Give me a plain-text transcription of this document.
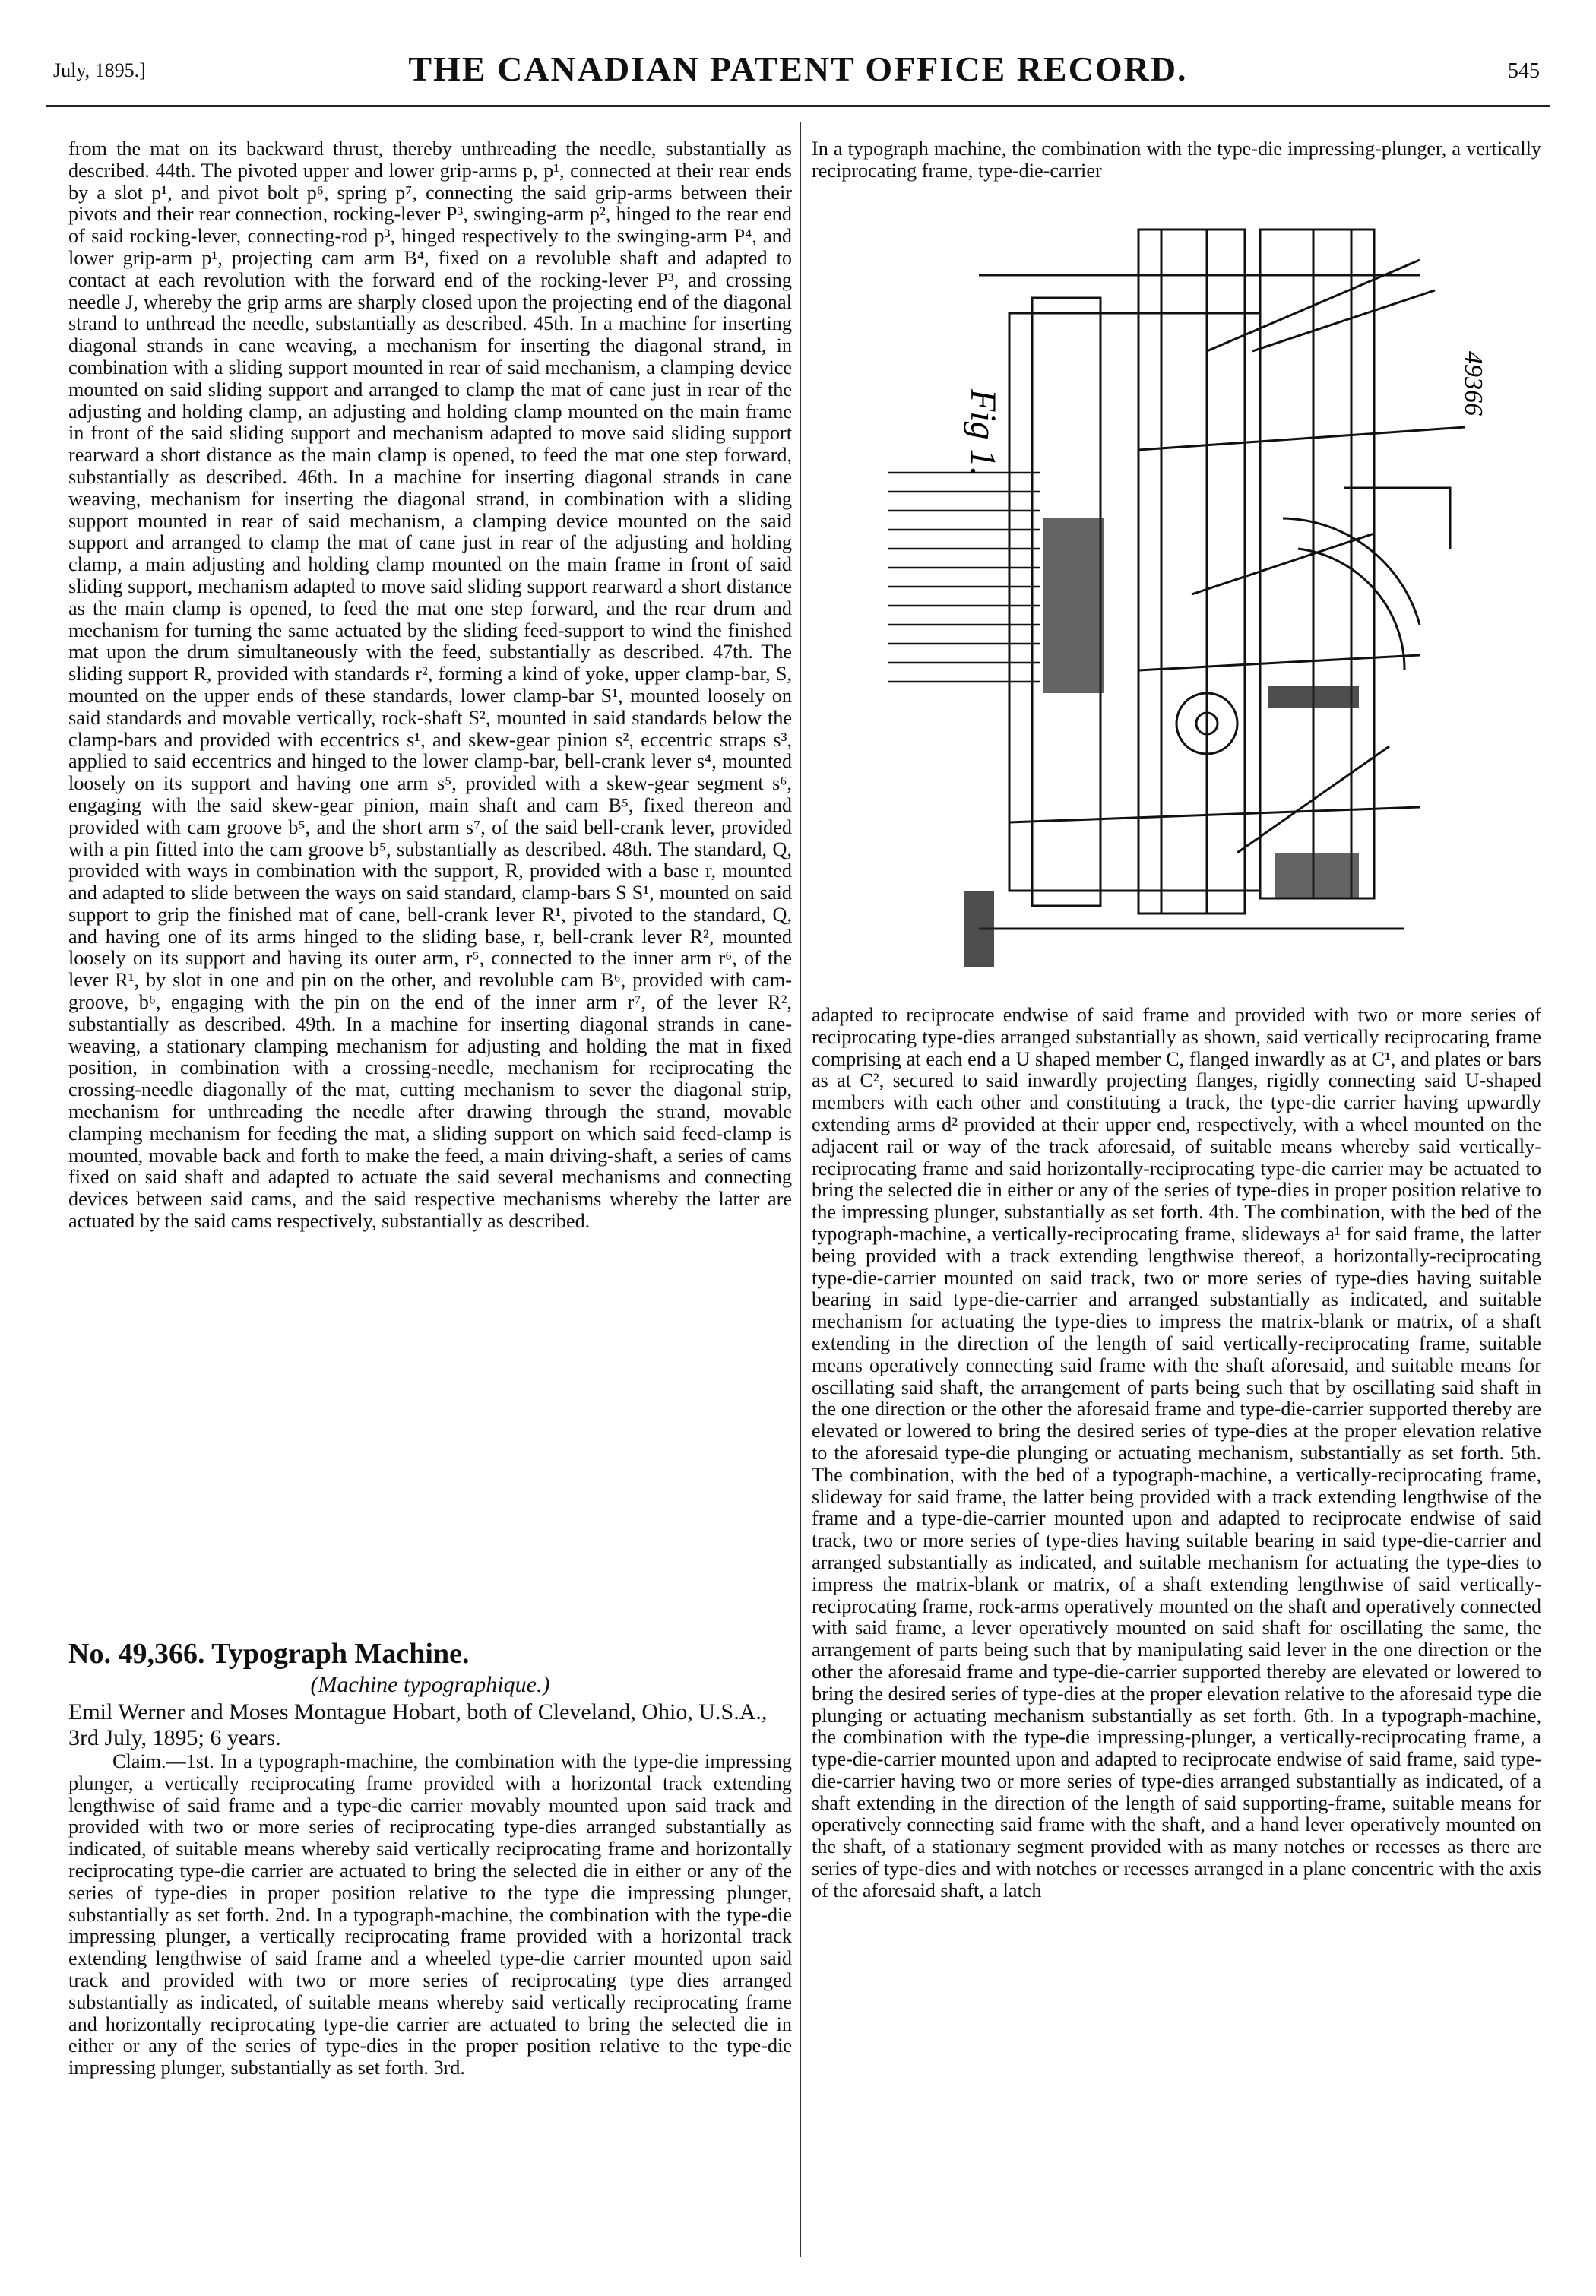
July, 1895.]	THE CANADIAN PATENT OFFICE RECORD.	545

from the mat on its backward thrust, thereby unthreading the needle, substantially as described. 44th. The pivoted upper and lower grip-arms p, p¹, connected at their rear ends by a slot p¹, and pivot bolt p⁶, spring p⁷, connecting the said grip-arms between their pivots and their rear connection, rocking-lever P³, swinging-arm p², hinged to the rear end of said rocking-lever, connecting-rod p³, hinged respectively to the swinging-arm P⁴, and lower grip-arm p¹, projecting cam arm B⁴, fixed on a revoluble shaft and adapted to contact at each revolution with the forward end of the rocking-lever P³, and crossing needle J, whereby the grip arms are sharply closed upon the projecting end of the diagonal strand to unthread the needle, substantially as described. 45th. In a machine for inserting diagonal strands in cane weaving, a mechanism for inserting the diagonal strand, in combination with a sliding support mounted in rear of said mechanism, a clamping device mounted on said sliding support and arranged to clamp the mat of cane just in rear of the adjusting and holding clamp, an adjusting and holding clamp mounted on the main frame in front of the said sliding support and mechanism adapted to move said sliding support rearward a short distance as the main clamp is opened, to feed the mat one step forward, substantially as described. 46th. In a machine for inserting diagonal strands in cane weaving, mechanism for inserting the diagonal strand, in combination with a sliding support mounted in rear of said mechanism, a clamping device mounted on the said support and arranged to clamp the mat of cane just in rear of the adjusting and holding clamp, a main adjusting and holding clamp mounted on the main frame in front of said sliding support, mechanism adapted to move said sliding support rearward a short distance as the main clamp is opened, to feed the mat one step forward, and the rear drum and mechanism for turning the same actuated by the sliding feed-support to wind the finished mat upon the drum simultaneously with the feed, substantially as described. 47th. The sliding support R, provided with standards r², forming a kind of yoke, upper clamp-bar, S, mounted on the upper ends of these standards, lower clamp-bar S¹, mounted loosely on said standards and movable vertically, rock-shaft S², mounted in said standards below the clamp-bars and provided with eccentrics s¹, and skew-gear pinion s², eccentric straps s³, applied to said eccentrics and hinged to the lower clamp-bar, bell-crank lever s⁴, mounted loosely on its support and having one arm s⁵, provided with a skew-gear segment s⁶, engaging with the said skew-gear pinion, main shaft and cam B⁵, fixed thereon and provided with cam groove b⁵, and the short arm s⁷, of the said bell-crank lever, provided with a pin fitted into the cam groove b⁵, substantially as described. 48th. The standard, Q, provided with ways in combination with the support, R, provided with a base r, mounted and adapted to slide between the ways on said standard, clamp-bars S S¹, mounted on said support to grip the finished mat of cane, bell-crank lever R¹, pivoted to the standard, Q, and having one of its arms hinged to the sliding base, r, bell-crank lever R², mounted loosely on its support and having its outer arm, r⁵, connected to the inner arm r⁶, of the lever R¹, by slot in one and pin on the other, and revoluble cam B⁶, provided with cam-groove, b⁶, engaging with the pin on the end of the inner arm r⁷, of the lever R², substantially as described. 49th. In a machine for inserting diagonal strands in cane-weaving, a stationary clamping mechanism for adjusting and holding the mat in fixed position, in combination with a crossing-needle, mechanism for reciprocating the crossing-needle diagonally of the mat, cutting mechanism to sever the diagonal strip, mechanism for unthreading the needle after drawing through the strand, movable clamping mechanism for feeding the mat, a sliding support on which said feed-clamp is mounted, movable back and forth to make the feed, a main driving-shaft, a series of cams fixed on said shaft and adapted to actuate the said several mechanisms and connecting devices between said cams, and the said respective mechanisms whereby the latter are actuated by the said cams respectively, substantially as described.

No. 49,366. Typograph Machine.

(Machine typographique.)

Emil Werner and Moses Montague Hobart, both of Cleveland, Ohio, U.S.A., 3rd July, 1895; 6 years.

Claim.—1st. In a typograph-machine, the combination with the type-die impressing plunger, a vertically reciprocating frame provided with a horizontal track extending lengthwise of said frame and a type-die carrier movably mounted upon said track and provided with two or more series of reciprocating type-dies arranged substantially as indicated, of suitable means whereby said vertically reciprocating frame and horizontally reciprocating type-die carrier are actuated to bring the selected die in either or any of the series of type-dies in proper position relative to the type die impressing plunger, substantially as set forth. 2nd. In a typograph-machine, the combination with the type-die impressing plunger, a vertically reciprocating frame provided with a horizontal track extending lengthwise of said frame and a wheeled type-die carrier mounted upon said track and provided with two or more series of reciprocating type dies arranged substantially as indicated, of suitable means whereby said vertically reciprocating frame and horizontally reciprocating type-die carrier are actuated to bring the selected die in either or any of the series of type-dies in the proper position relative to the type-die impressing plunger, substantially as set forth. 3rd.

In a typograph machine, the combination with the type-die impressing-plunger, a vertically reciprocating frame, type-die-carrier

Fig 1.
49366

adapted to reciprocate endwise of said frame and provided with two or more series of reciprocating type-dies arranged substantially as shown, said vertically reciprocating frame comprising at each end a U shaped member C, flanged inwardly as at C¹, and plates or bars as at C², secured to said inwardly projecting flanges, rigidly connecting said U-shaped members with each other and constituting a track, the type-die carrier having upwardly extending arms d² provided at their upper end, respectively, with a wheel mounted on the adjacent rail or way of the track aforesaid, of suitable means whereby said vertically-reciprocating frame and said horizontally-reciprocating type-die carrier may be actuated to bring the selected die in either or any of the series of type-dies in proper position relative to the impressing plunger, substantially as set forth. 4th. The combination, with the bed of the typograph-machine, a vertically-reciprocating frame, slideways a¹ for said frame, the latter being provided with a track extending lengthwise thereof, a horizontally-reciprocating type-die-carrier mounted on said track, two or more series of type-dies having suitable bearing in said type-die-carrier and arranged substantially as indicated, and suitable mechanism for actuating the type-dies to impress the matrix-blank or matrix, of a shaft extending in the direction of the length of said vertically-reciprocating frame, suitable means operatively connecting said frame with the shaft aforesaid, and suitable means for oscillating said shaft, the arrangement of parts being such that by oscillating said shaft in the one direction or the other the aforesaid frame and type-die-carrier supported thereby are elevated or lowered to bring the desired series of type-dies at the proper elevation relative to the aforesaid type-die plunging or actuating mechanism, substantially as set forth. 5th. The combination, with the bed of a typograph-machine, a vertically-reciprocating frame, slideway for said frame, the latter being provided with a track extending lengthwise of the frame and a type-die-carrier mounted upon and adapted to reciprocate endwise of said track, two or more series of type-dies having suitable bearing in said type-die-carrier and arranged substantially as indicated, and suitable mechanism for actuating the type-dies to impress the matrix-blank or matrix, of a shaft extending lengthwise of said vertically-reciprocating frame, rock-arms operatively mounted on the shaft and operatively connected with said frame, a lever operatively mounted on said shaft for oscillating the same, the arrangement of parts being such that by manipulating said lever in the one direction or the other the aforesaid frame and type-die-carrier supported thereby are elevated or lowered to bring the desired series of type-dies at the proper elevation relative to the aforesaid type die plunging or actuating mechanism substantially as set forth. 6th. In a typograph-machine, the combination with the type-die impressing-plunger, a vertically-reciprocating frame, a type-die-carrier mounted upon and adapted to reciprocate endwise of said frame, said type-die-carrier having two or more series of type-dies arranged substantially as indicated, of a shaft extending in the direction of the length of said supporting-frame, suitable means for operatively connecting said frame with the shaft, and a hand lever operatively mounted on the shaft, of a stationary segment provided with as many notches or recesses as there are series of type-dies and with notches or recesses arranged in a plane concentric with the axis of the aforesaid shaft, a latch
